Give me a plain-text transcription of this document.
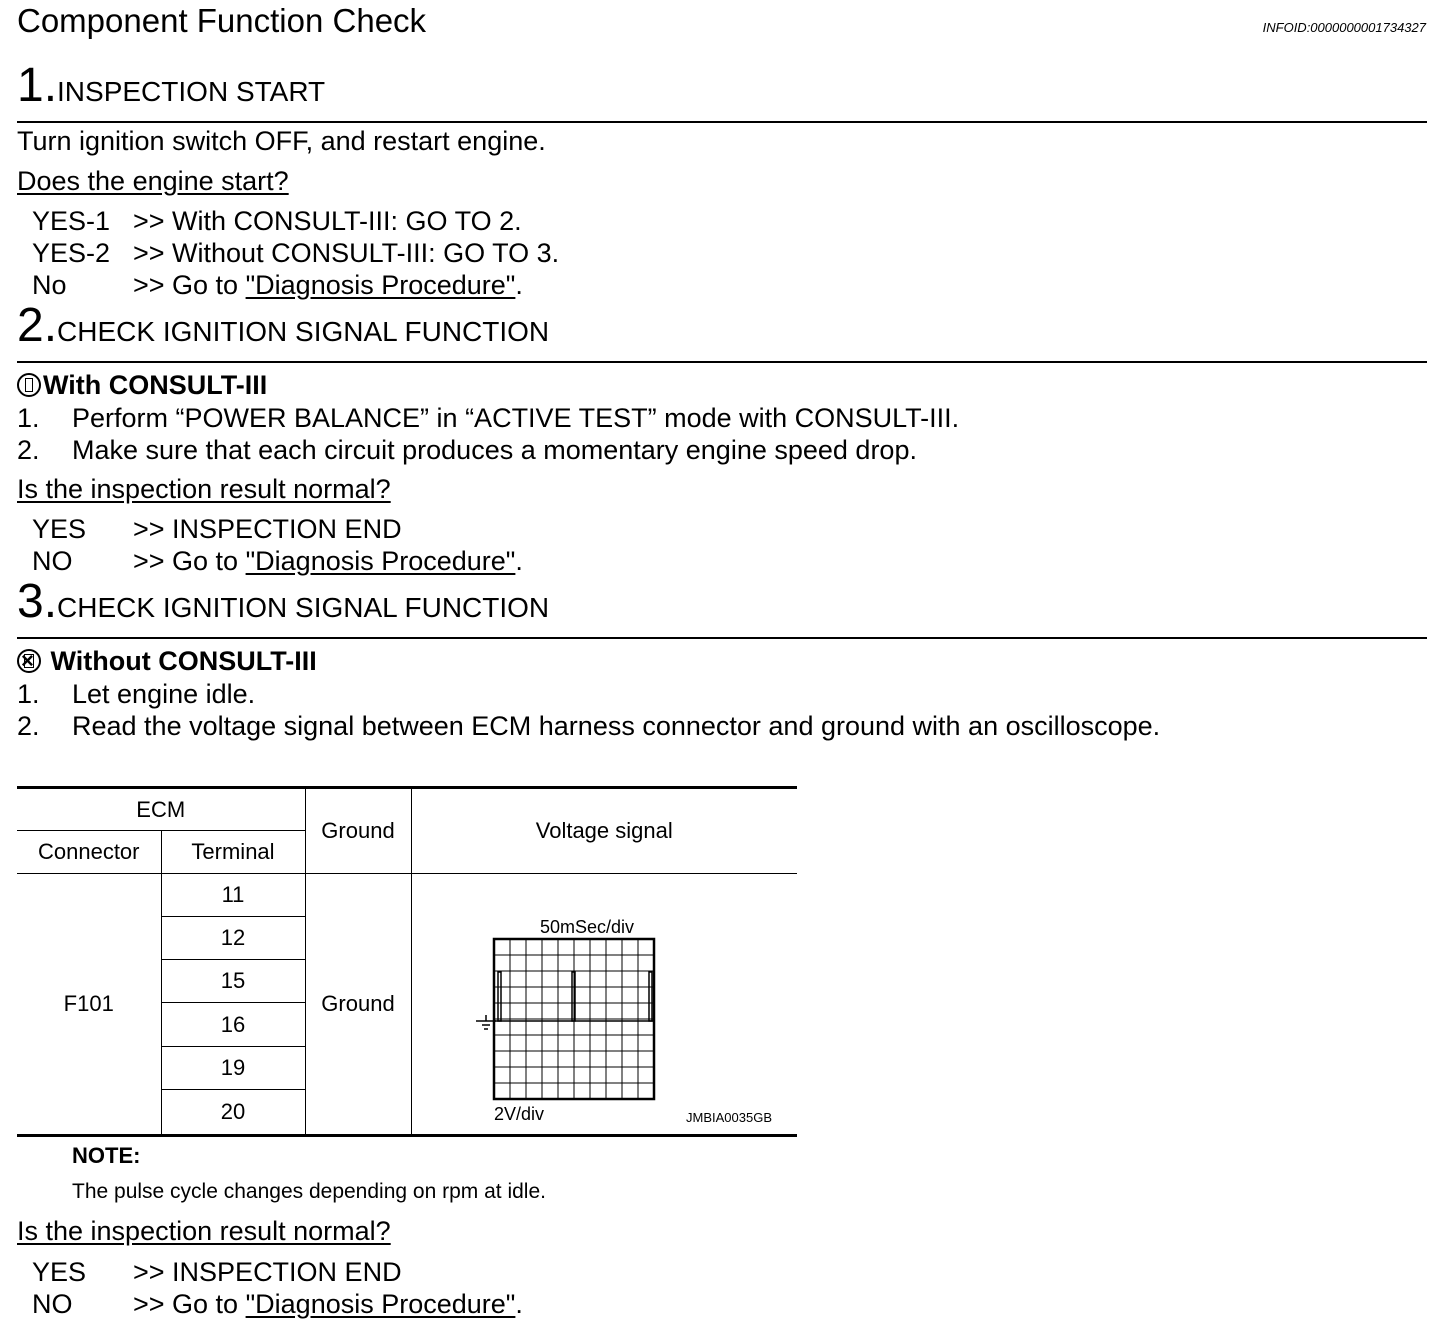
Component Function Check	INFOID:0000000001734327
1.INSPECTION START
Turn ignition switch OFF, and restart engine.
Does the engine start?
YES-1 >> With CONSULT-III: GO TO 2.
YES-2 >> Without CONSULT-III: GO TO 3.
No >> Go to "Diagnosis Procedure".
2.CHECK IGNITION SIGNAL FUNCTION
With CONSULT-III
1. Perform “POWER BALANCE” in “ACTIVE TEST” mode with CONSULT-III.
2. Make sure that each circuit produces a momentary engine speed drop.
Is the inspection result normal?
YES >> INSPECTION END
NO >> Go to "Diagnosis Procedure".
3.CHECK IGNITION SIGNAL FUNCTION
× Without CONSULT-III
1. Let engine idle.
2. Read the voltage signal between ECM harness connector and ground with an oscilloscope.
ECM		Ground	Voltage signal
Connector	Terminal		
F101	11	Ground	50mSec/div
2V/div JMBIA0035GB

	12		
	15		
	16		
	19		
	20		
NOTE:
The pulse cycle changes depending on rpm at idle.
Is the inspection result normal?
YES >> INSPECTION END
NO >> Go to "Diagnosis Procedure".
